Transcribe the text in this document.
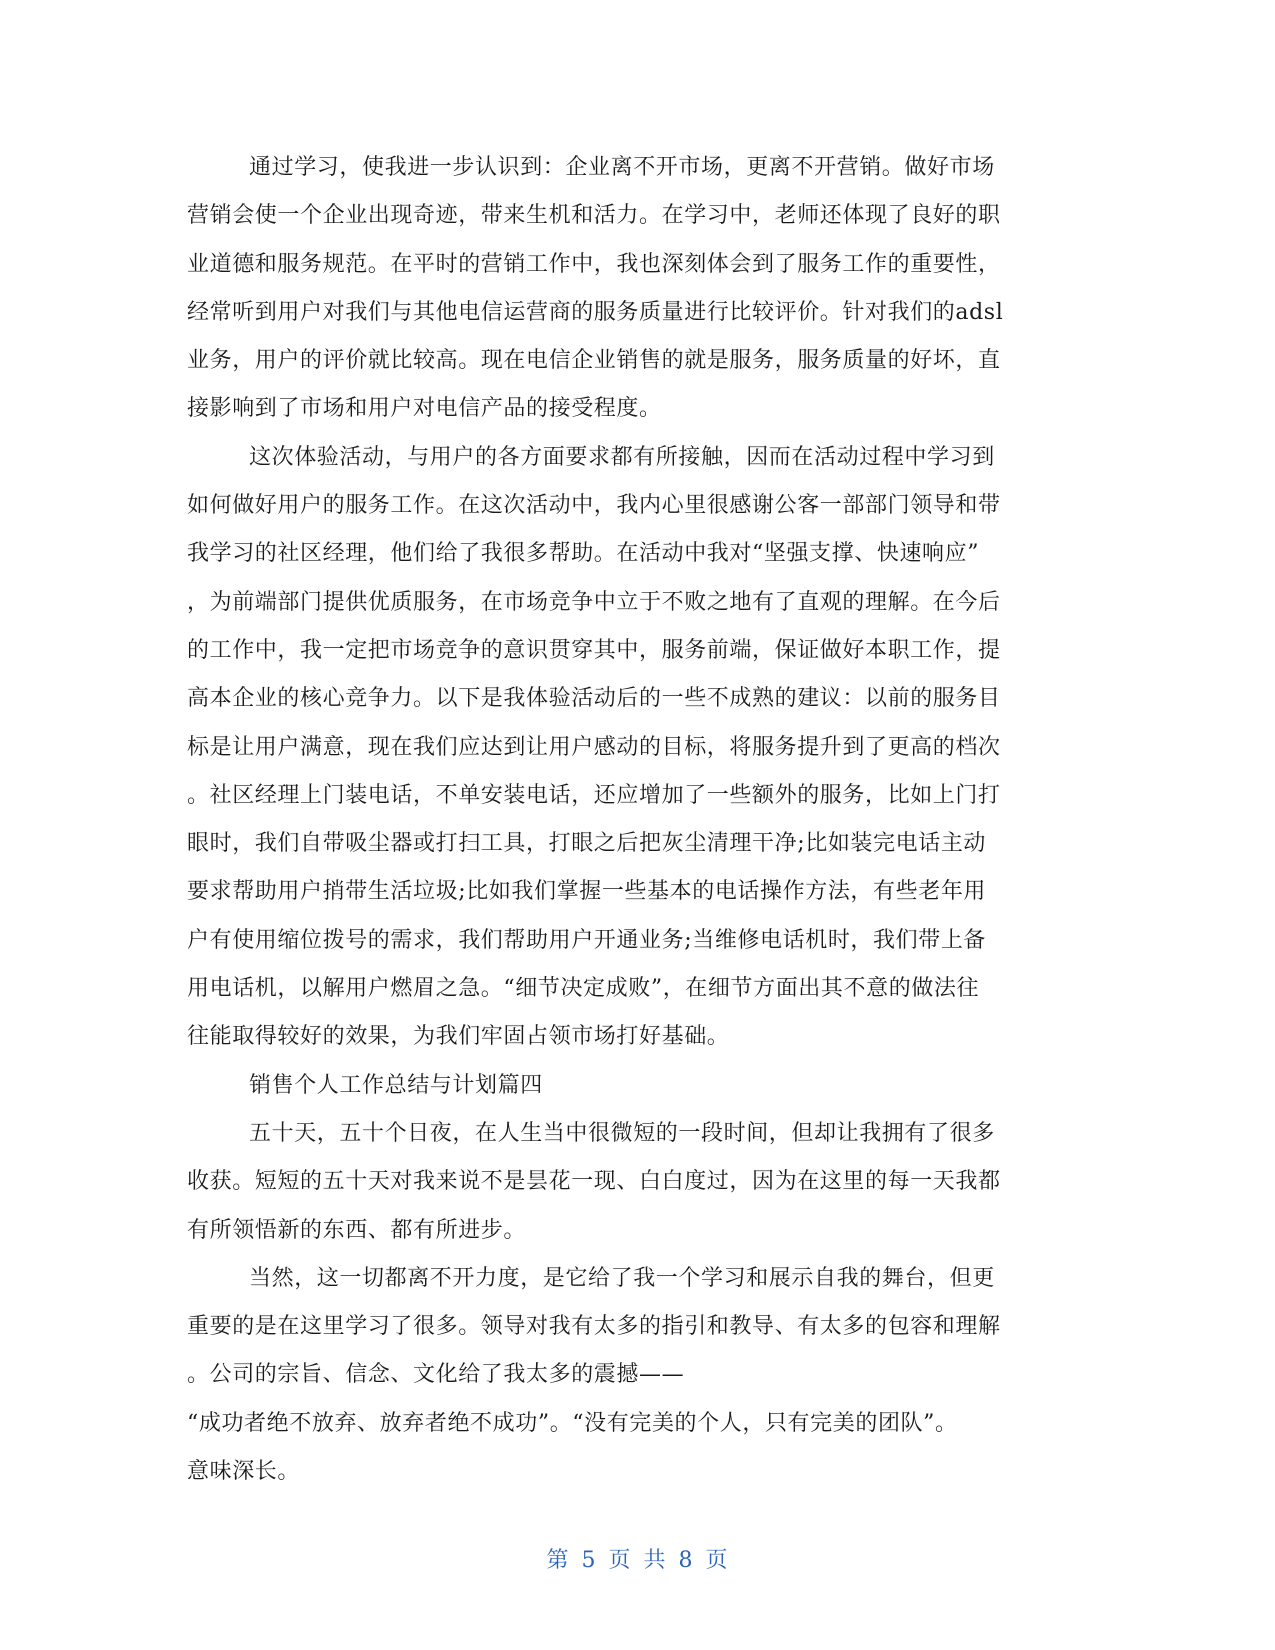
通过学习，使我进一步认识到：企业离不开市场，更离不开营销。做好市场
营销会使一个企业出现奇迹，带来生机和活力。在学习中，老师还体现了良好的职
业道德和服务规范。在平时的营销工作中，我也深刻体会到了服务工作的重要性，
经常听到用户对我们与其他电信运营商的服务质量进行比较评价。针对我们的adsl
业务，用户的评价就比较高。现在电信企业销售的就是服务，服务质量的好坏，直
接影响到了市场和用户对电信产品的接受程度。
这次体验活动，与用户的各方面要求都有所接触，因而在活动过程中学习到
如何做好用户的服务工作。在这次活动中，我内心里很感谢公客一部部门领导和带
我学习的社区经理，他们给了我很多帮助。在活动中我对“坚强支撑、快速响应”
，为前端部门提供优质服务，在市场竞争中立于不败之地有了直观的理解。在今后
的工作中，我一定把市场竞争的意识贯穿其中，服务前端，保证做好本职工作，提
高本企业的核心竞争力。以下是我体验活动后的一些不成熟的建议：以前的服务目
标是让用户满意，现在我们应达到让用户感动的目标，将服务提升到了更高的档次
。社区经理上门装电话，不单安装电话，还应增加了一些额外的服务，比如上门打
眼时，我们自带吸尘器或打扫工具，打眼之后把灰尘清理干净;比如装完电话主动
要求帮助用户捎带生活垃圾;比如我们掌握一些基本的电话操作方法，有些老年用
户有使用缩位拨号的需求，我们帮助用户开通业务;当维修电话机时，我们带上备
用电话机，以解用户燃眉之急。“细节决定成败”，在细节方面出其不意的做法往
往能取得较好的效果，为我们牢固占领市场打好基础。
销售个人工作总结与计划篇四
五十天，五十个日夜，在人生当中很微短的一段时间，但却让我拥有了很多
收获。短短的五十天对我来说不是昙花一现、白白度过，因为在这里的每一天我都
有所领悟新的东西、都有所进步。
当然，这一切都离不开力度，是它给了我一个学习和展示自我的舞台，但更
重要的是在这里学习了很多。领导对我有太多的指引和教导、有太多的包容和理解
。公司的宗旨、信念、文化给了我太多的震撼——
“成功者绝不放弃、放弃者绝不成功”。“没有完美的个人，只有完美的团队”。
意味深长。
第 5 页 共 8 页
